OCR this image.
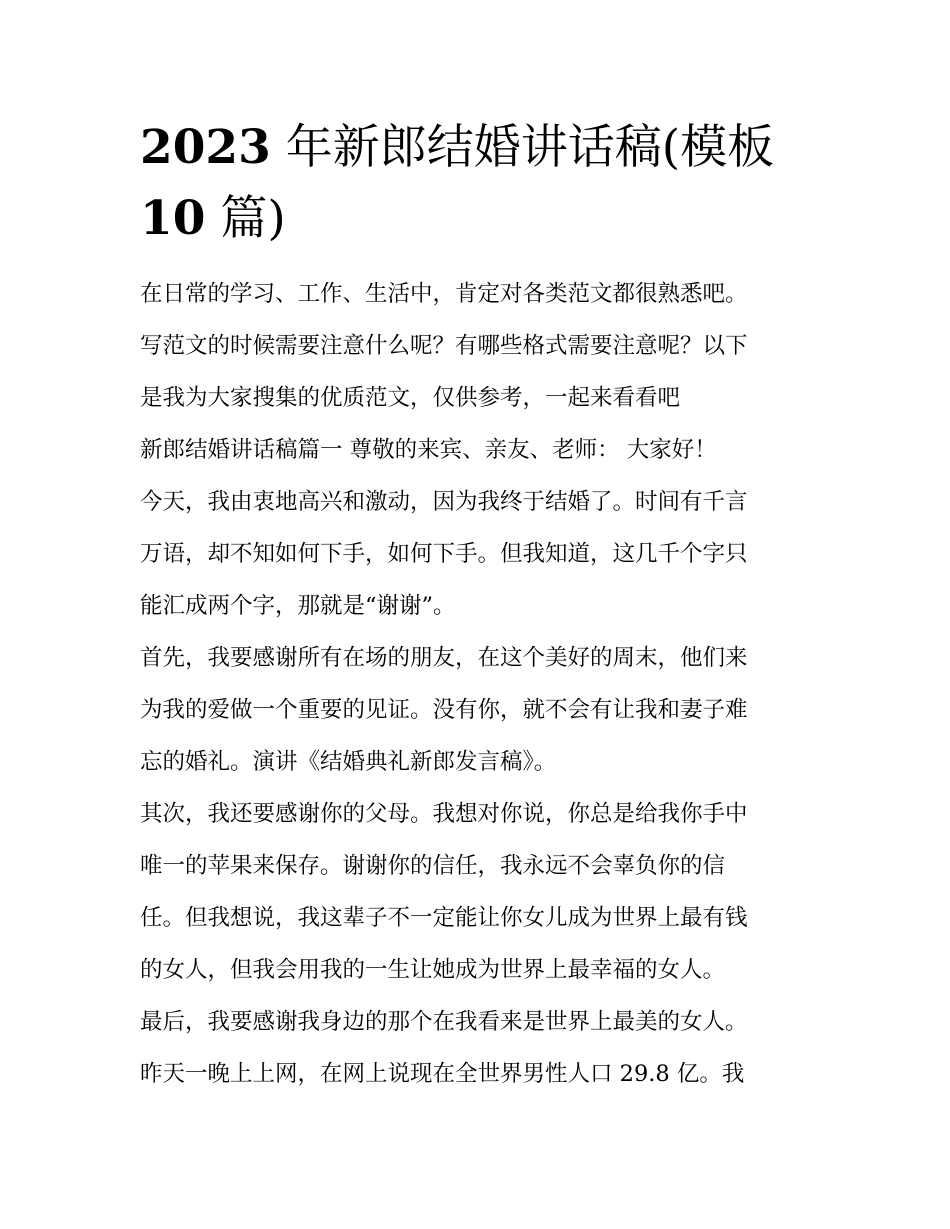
2023 年新郎结婚讲话稿(模板
10 篇)
在日常的学习、工作、生活中，肯定对各类范文都很熟悉吧。
写范文的时候需要注意什么呢？有哪些格式需要注意呢？以下
是我为大家搜集的优质范文，仅供参考，一起来看看吧
新郎结婚讲话稿篇一 尊敬的来宾、亲友、老师： 大家好！
今天，我由衷地高兴和激动，因为我终于结婚了。时间有千言
万语，却不知如何下手，如何下手。但我知道，这几千个字只
能汇成两个字，那就是“谢谢”。
首先，我要感谢所有在场的朋友，在这个美好的周末，他们来
为我的爱做一个重要的见证。没有你，就不会有让我和妻子难
忘的婚礼。演讲《结婚典礼新郎发言稿》。
其次，我还要感谢你的父母。我想对你说，你总是给我你手中
唯一的苹果来保存。谢谢你的信任，我永远不会辜负你的信
任。但我想说，我这辈子不一定能让你女儿成为世界上最有钱
的女人，但我会用我的一生让她成为世界上最幸福的女人。
最后，我要感谢我身边的那个在我看来是世界上最美的女人。
昨天一晚上上网，在网上说现在全世界男性人口 29.8 亿。我
